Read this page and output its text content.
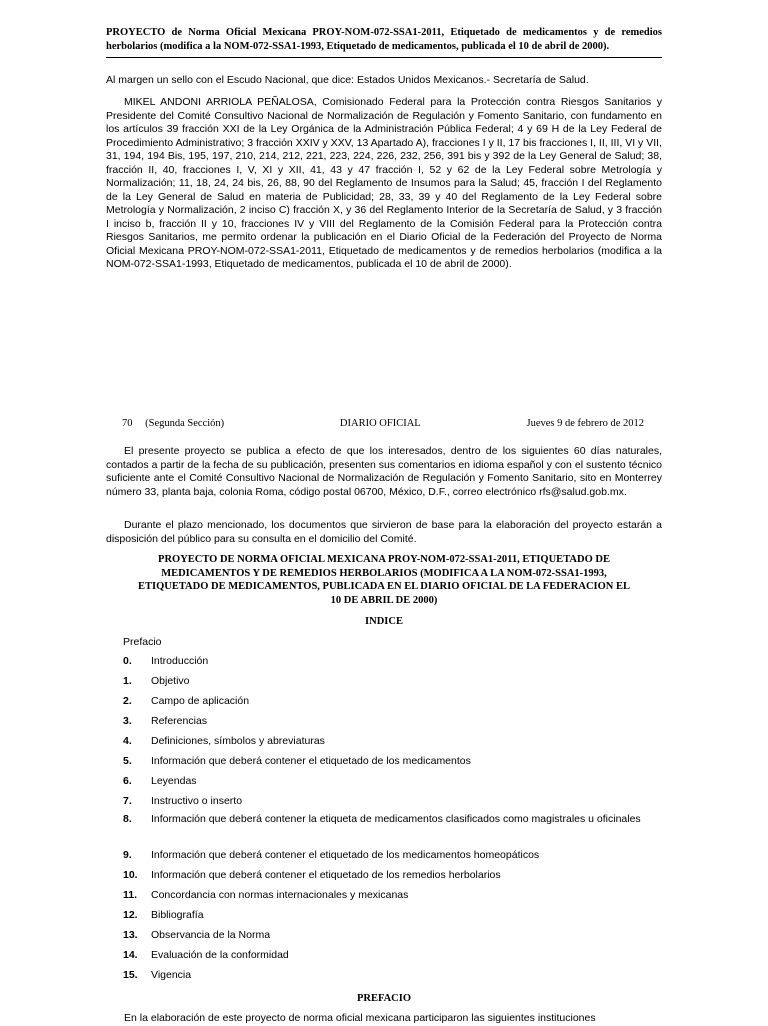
PROYECTO de Norma Oficial Mexicana PROY-NOM-072-SSA1-2011, Etiquetado de medicamentos y de remedios herbolarios (modifica a la NOM-072-SSA1-1993, Etiquetado de medicamentos, publicada el 10 de abril de 2000).
Al margen un sello con el Escudo Nacional, que dice: Estados Unidos Mexicanos.- Secretaría de Salud.
MIKEL ANDONI ARRIOLA PEÑALOSA, Comisionado Federal para la Protección contra Riesgos Sanitarios y Presidente del Comité Consultivo Nacional de Normalización de Regulación y Fomento Sanitario, con fundamento en los artículos 39 fracción XXI de la Ley Orgánica de la Administración Pública Federal; 4 y 69 H de la Ley Federal de Procedimiento Administrativo; 3 fracción XXIV y XXV, 13 Apartado A), fracciones I y II, 17 bis fracciones I, II, III, VI y VII, 31, 194, 194 Bis, 195, 197, 210, 214, 212, 221, 223, 224, 226, 232, 256, 391 bis y 392 de la Ley General de Salud; 38, fracción II, 40, fracciones I, V, XI y XII, 41, 43 y 47 fracción I, 52 y 62 de la Ley Federal sobre Metrología y Normalización; 11, 18, 24, 24 bis, 26, 88, 90 del Reglamento de Insumos para la Salud; 45, fracción I del Reglamento de la Ley General de Salud en materia de Publicidad; 28, 33, 39 y 40 del Reglamento de la Ley Federal sobre Metrología y Normalización, 2 inciso C) fracción X, y 36 del Reglamento Interior de la Secretaría de Salud, y 3 fracción I inciso b, fracción II y 10, fracciones IV y VIII del Reglamento de la Comisión Federal para la Protección contra Riesgos Sanitarios, me permito ordenar la publicación en el Diario Oficial de la Federación del Proyecto de Norma Oficial Mexicana PROY-NOM-072-SSA1-2011, Etiquetado de medicamentos y de remedios herbolarios (modifica a la NOM-072-SSA1-1993, Etiquetado de medicamentos, publicada el 10 de abril de 2000).
70 (Segunda Sección)	DIARIO OFICIAL	Jueves 9 de febrero de 2012
El presente proyecto se publica a efecto de que los interesados, dentro de los siguientes 60 días naturales, contados a partir de la fecha de su publicación, presenten sus comentarios en idioma español y con el sustento técnico suficiente ante el Comité Consultivo Nacional de Normalización de Regulación y Fomento Sanitario, sito en Monterrey número 33, planta baja, colonia Roma, código postal 06700, México, D.F., correo electrónico rfs@salud.gob.mx.
Durante el plazo mencionado, los documentos que sirvieron de base para la elaboración del proyecto estarán a disposición del público para su consulta en el domicilio del Comité.
PROYECTO DE NORMA OFICIAL MEXICANA PROY-NOM-072-SSA1-2011, ETIQUETADO DE MEDICAMENTOS Y DE REMEDIOS HERBOLARIOS (MODIFICA A LA NOM-072-SSA1-1993, ETIQUETADO DE MEDICAMENTOS, PUBLICADA EN EL DIARIO OFICIAL DE LA FEDERACION EL 10 DE ABRIL DE 2000)
INDICE
Prefacio
0.	Introducción
1.	Objetivo
2.	Campo de aplicación
3.	Referencias
4.	Definiciones, símbolos y abreviaturas
5.	Información que deberá contener el etiquetado de los medicamentos
6.	Leyendas
7.	Instructivo o inserto
8.	Información que deberá contener la etiqueta de medicamentos clasificados como magistrales u oficinales
9.	Información que deberá contener el etiquetado de los medicamentos homeopáticos
10.	Información que deberá contener el etiquetado de los remedios herbolarios
11.	Concordancia con normas internacionales y mexicanas
12.	Bibliografía
13.	Observancia de la Norma
14.	Evaluación de la conformidad
15.	Vigencia
PREFACIO
En la elaboración de este proyecto de norma oficial mexicana participaron las siguientes instituciones
